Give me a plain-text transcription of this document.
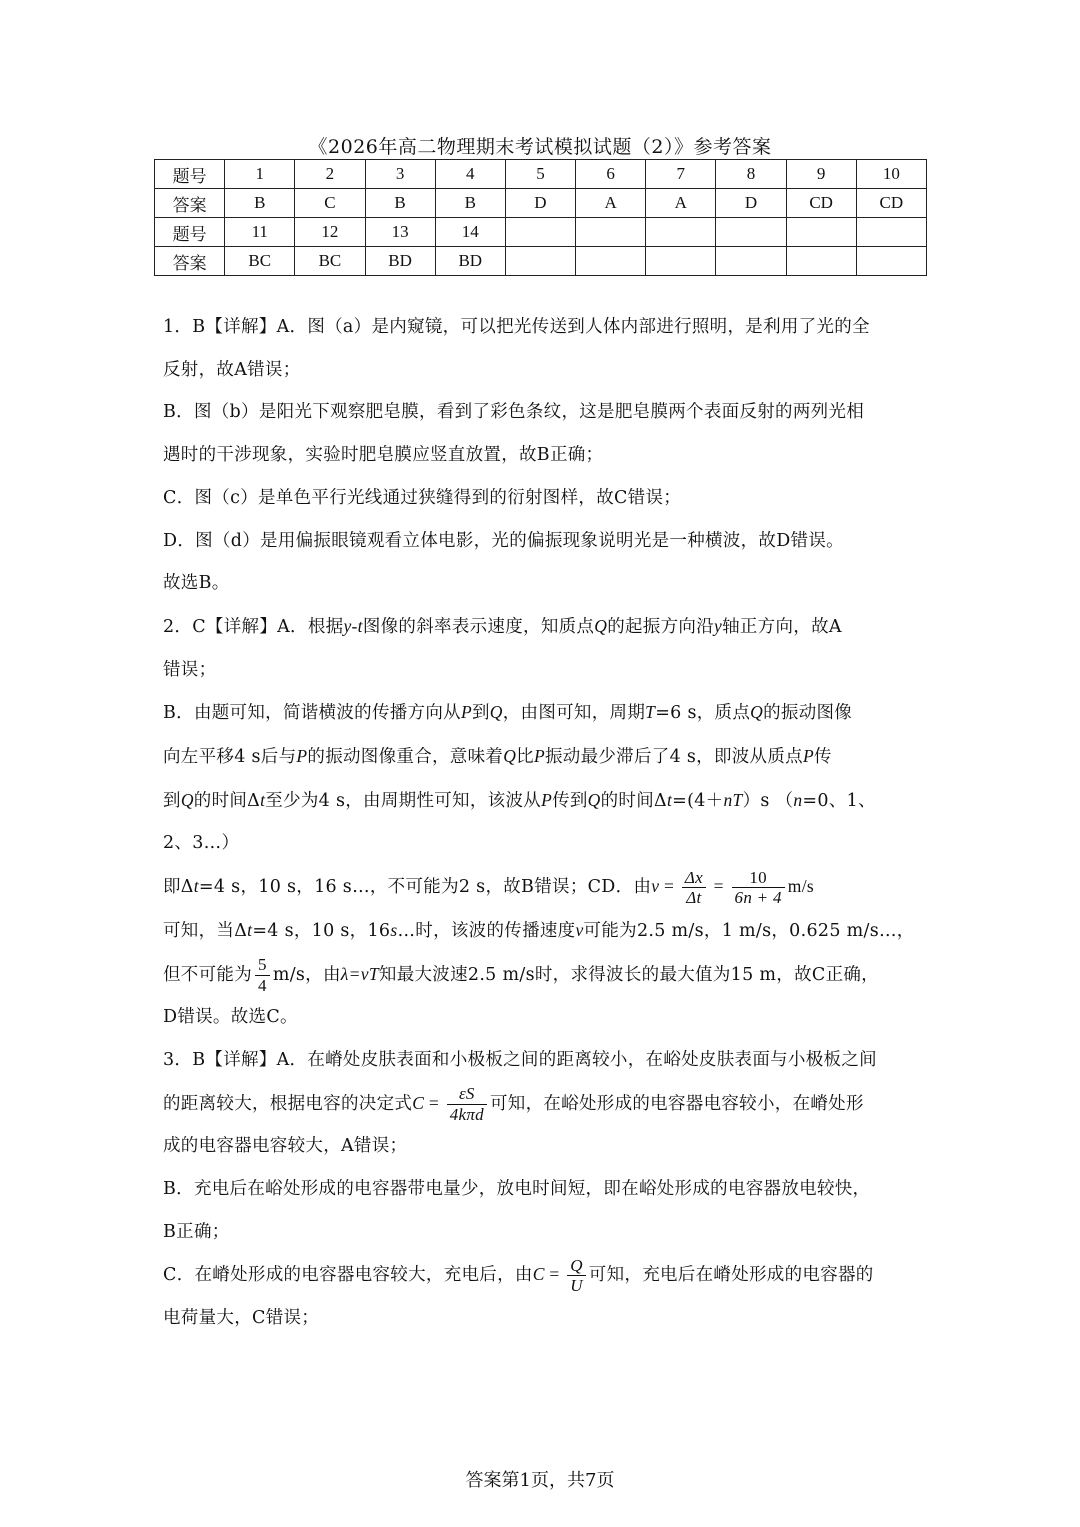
《2026年高二物理期末考试模拟试题（2）》参考答案
题号	1	2	3	4	5	6	7	8	9	10
答案	B	C	B	B	D	A	A	D	CD	CD
题号	11	12	13	14						
答案	BC	BC	BD	BD						

1．B【详解】A．图（a）是内窥镜，可以把光传送到人体内部进行照明，是利用了光的全

反射，故A错误；

B．图（b）是阳光下观察肥皂膜，看到了彩色条纹，这是肥皂膜两个表面反射的两列光相

遇时的干涉现象，实验时肥皂膜应竖直放置，故B正确；

C．图（c）是单色平行光线通过狭缝得到的衍射图样，故C错误；

D．图（d）是用偏振眼镜观看立体电影，光的偏振现象说明光是一种横波，故D错误。

故选B。

2．C【详解】A．根据y-t图像的斜率表示速度，知质点Q的起振方向沿y轴正方向，故A

错误；

B．由题可知，简谐横波的传播方向从P到Q，由图可知，周期T=6 s，质点Q的振动图像

向左平移4 s后与P的振动图像重合，意味着Q比P振动最少滞后了4 s，即波从质点P传

到Q的时间Δt至少为4 s，由周期性可知，该波从P传到Q的时间Δt=(4＋nT）s （n=0、1、

2、3…）

即Δt=4 s，10 s，16 s…，不可能为2 s，故B错误；CD．由$v = \frac{\Delta x}{\Delta t} = \frac{10}{6n + 4} m/s$

可知，当Δt=4 s，10 s，16s…时，该波的传播速度v可能为2.5 m/s，1 m/s，0.625 m/s…，

但不可能为 $\frac{5}{4} m/s$，由λ=vT知最大波速2.5 m/s时，求得波长的最大值为15 m，故C正确，

D错误。故选C。

3．B【详解】A．在嵴处皮肤表面和小极板之间的距离较小，在峪处皮肤表面与小极板之间

的距离较大，根据电容的决定式$C = \frac{\varepsilon S}{\text{4kπd}}$ 可知，在峪处形成的电容器电容较小，在嵴处形

成的电容器电容较大，A错误；

B．充电后在峪处形成的电容器带电量少，放电时间短，即在峪处形成的电容器放电较快，

B正确；

C．在嵴处形成的电容器电容较大，充电后，由$C = \frac{Q}{U}$ 可知，充电后在嵴处形成的电容器的

电荷量大，C错误；

答案第1页，共7页
